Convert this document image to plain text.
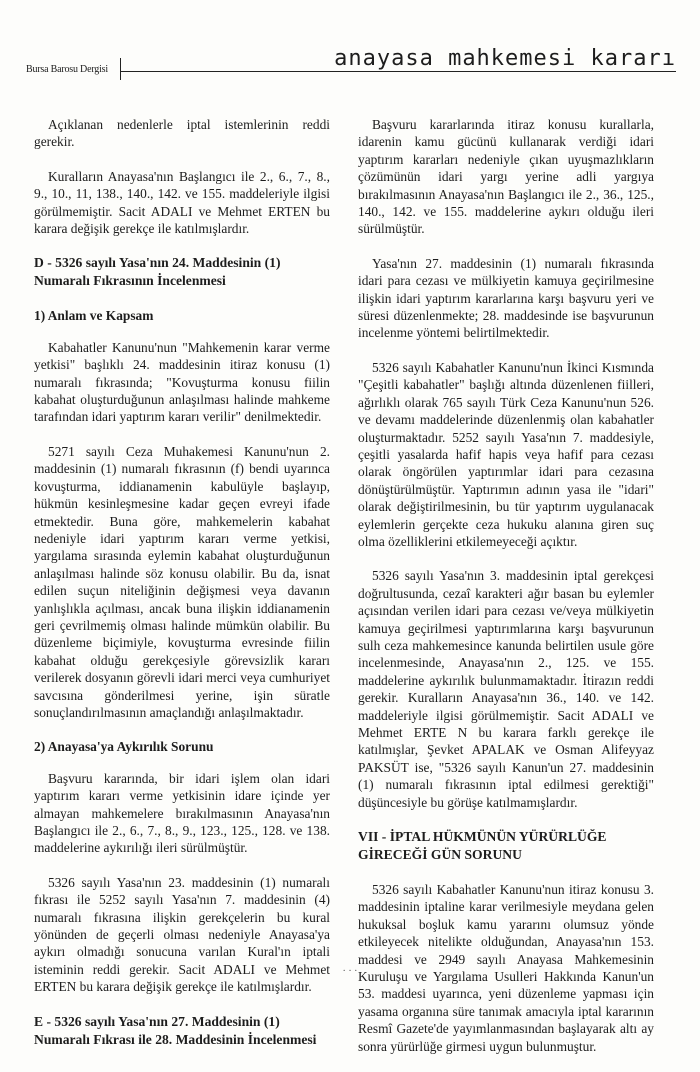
Bursa Barosu Dergisi	anayasa mahkemesi kararı

Açıklanan nedenlerle iptal istemlerinin reddi gerekir.

Kuralların Anayasa'nın Başlangıcı ile 2., 6., 7., 8., 9., 10., 11, 138., 140., 142. ve 155. maddeleriyle ilgisi görülmemiştir. Sacit ADALI ve Mehmet ERTEN bu karara değişik gerekçe ile katılmışlardır.

D - 5326 sayılı Yasa'nın 24. Maddesinin (1) Numaralı Fıkrasının İncelenmesi
1) Anlam ve Kapsam

Kabahatler Kanunu'nun "Mahkemenin karar verme yetkisi" başlıklı 24. maddesinin itiraz konusu (1) numaralı fıkrasında; "Kovuşturma konusu fiilin kabahat oluşturduğunun anlaşılması halinde mahkeme tarafından idari yaptırım kararı verilir" denilmektedir.

5271 sayılı Ceza Muhakemesi Kanunu'nun 2. maddesinin (1) numaralı fıkrasının (f) bendi uyarınca kovuşturma, iddianamenin kabulüyle başlayıp, hükmün kesinleşmesine kadar geçen evreyi ifade etmektedir. Buna göre, mahkemelerin kabahat nedeniyle idari yaptırım kararı verme yetkisi, yargılama sırasında eylemin kabahat oluşturduğunun anlaşılması halinde söz konusu olabilir. Bu da, isnat edilen suçun niteliğinin değişmesi veya davanın yanlışlıkla açılması, ancak buna ilişkin iddianamenin geri çevrilmemiş olması halinde mümkün olabilir. Bu düzenleme biçimiyle, kovuşturma evresinde fiilin kabahat olduğu gerekçesiyle görevsizlik kararı verilerek dosyanın görevli idari merci veya cumhuriyet savcısına gönderilmesi yerine, işin süratle sonuçlandırılmasının amaçlandığı anlaşılmaktadır.

2) Anayasa'ya Aykırılık Sorunu

Başvuru kararında, bir idari işlem olan idari yaptırım kararı verme yetkisinin idare içinde yer almayan mahkemelere bırakılmasının Anayasa'nın Başlangıcı ile 2., 6., 7., 8., 9., 123., 125., 128. ve 138. maddelerine aykırılığı ileri sürülmüştür.

5326 sayılı Yasa'nın 23. maddesinin (1) numaralı fıkrası ile 5252 sayılı Yasa'nın 7. maddesinin (4) numaralı fıkrasına ilişkin gerekçelerin bu kural yönünden de geçerli olması nedeniyle Anayasa'ya aykırı olmadığı sonucuna varılan Kural'ın iptali isteminin reddi gerekir. Sacit ADALI ve Mehmet ERTEN bu karara değişik gerekçe ile katılmışlardır.

E - 5326 sayılı Yasa'nın 27. Maddesinin (1) Numaralı Fıkrası ile 28. Maddesinin İncelenmesi

Başvuru kararlarında itiraz konusu kurallarla, idarenin kamu gücünü kullanarak verdiği idari yaptırım kararları nedeniyle çıkan uyuşmazlıkların çözümünün idari yargı yerine adli yargıya bırakılmasının Anayasa'nın Başlangıcı ile 2., 36., 125., 140., 142. ve 155. maddelerine aykırı olduğu ileri sürülmüştür.

Yasa'nın 27. maddesinin (1) numaralı fıkrasında idari para cezası ve mülkiyetin kamuya geçirilmesine ilişkin idari yaptırım kararlarına karşı başvuru yeri ve süresi düzenlenmekte; 28. maddesinde ise başvurunun incelenme yöntemi belirtilmektedir.

5326 sayılı Kabahatler Kanunu'nun İkinci Kısmında "Çeşitli kabahatler" başlığı altında düzenlenen fiilleri, ağırlıklı olarak 765 sayılı Türk Ceza Kanunu'nun 526. ve devamı maddelerinde düzenlenmiş olan kabahatler oluşturmaktadır. 5252 sayılı Yasa'nın 7. maddesiyle, çeşitli yasalarda hafif hapis veya hafif para cezası olarak öngörülen yaptırımlar idari para cezasına dönüştürülmüştür. Yaptırımın adının yasa ile "idari" olarak değiştirilmesinin, bu tür yaptırım uygulanacak eylemlerin gerçekte ceza hukuku alanına giren suç olma özelliklerini etkilemeyeceği açıktır.

5326 sayılı Yasa'nın 3. maddesinin iptal gerekçesi doğrultusunda, cezaî karakteri ağır basan bu eylemler açısından verilen idari para cezası ve/veya mülkiyetin kamuya geçirilmesi yaptırımlarına karşı başvurunun sulh ceza mahkemesince kanunda belirtilen usule göre incelenmesinde, Anayasa'nın 2., 125. ve 155. maddelerine aykırılık bulunmamaktadır. İtirazın reddi gerekir. Kuralların Anayasa'nın 36., 140. ve 142. maddeleriyle ilgisi görülmemiştir. Sacit ADALI ve Mehmet ERTE N bu karara farklı gerekçe ile katılmışlar, Şevket APALAK ve Osman Alifeyyaz PAKSÜT ise, "5326 sayılı Kanun'un 27. maddesinin (1) numaralı fıkrasının iptal edilmesi gerektiği" düşüncesiyle bu görüşe katılmamışlardır.

VII - İPTAL HÜKMÜNÜN YÜRÜRLÜĞE GİRECEĞİ GÜN SORUNU

5326 sayılı Kabahatler Kanunu'nun itiraz konusu 3. maddesinin iptaline karar verilmesiyle meydana gelen hukuksal boşluk kamu yararını olumsuz yönde etkileyecek nitelikte olduğundan, Anayasa'nın 153. maddesi ve 2949 sayılı Anayasa Mahkemesinin Kuruluşu ve Yargılama Usulleri Hakkında Kanun'un 53. maddesi uyarınca, yeni düzenleme yapması için yasama organına süre tanımak amacıyla iptal kararının Resmî Gazete'de yayımlanmasından başlayarak altı ay sonra yürürlüğe girmesi uygun bulunmuştur.

· · ·
